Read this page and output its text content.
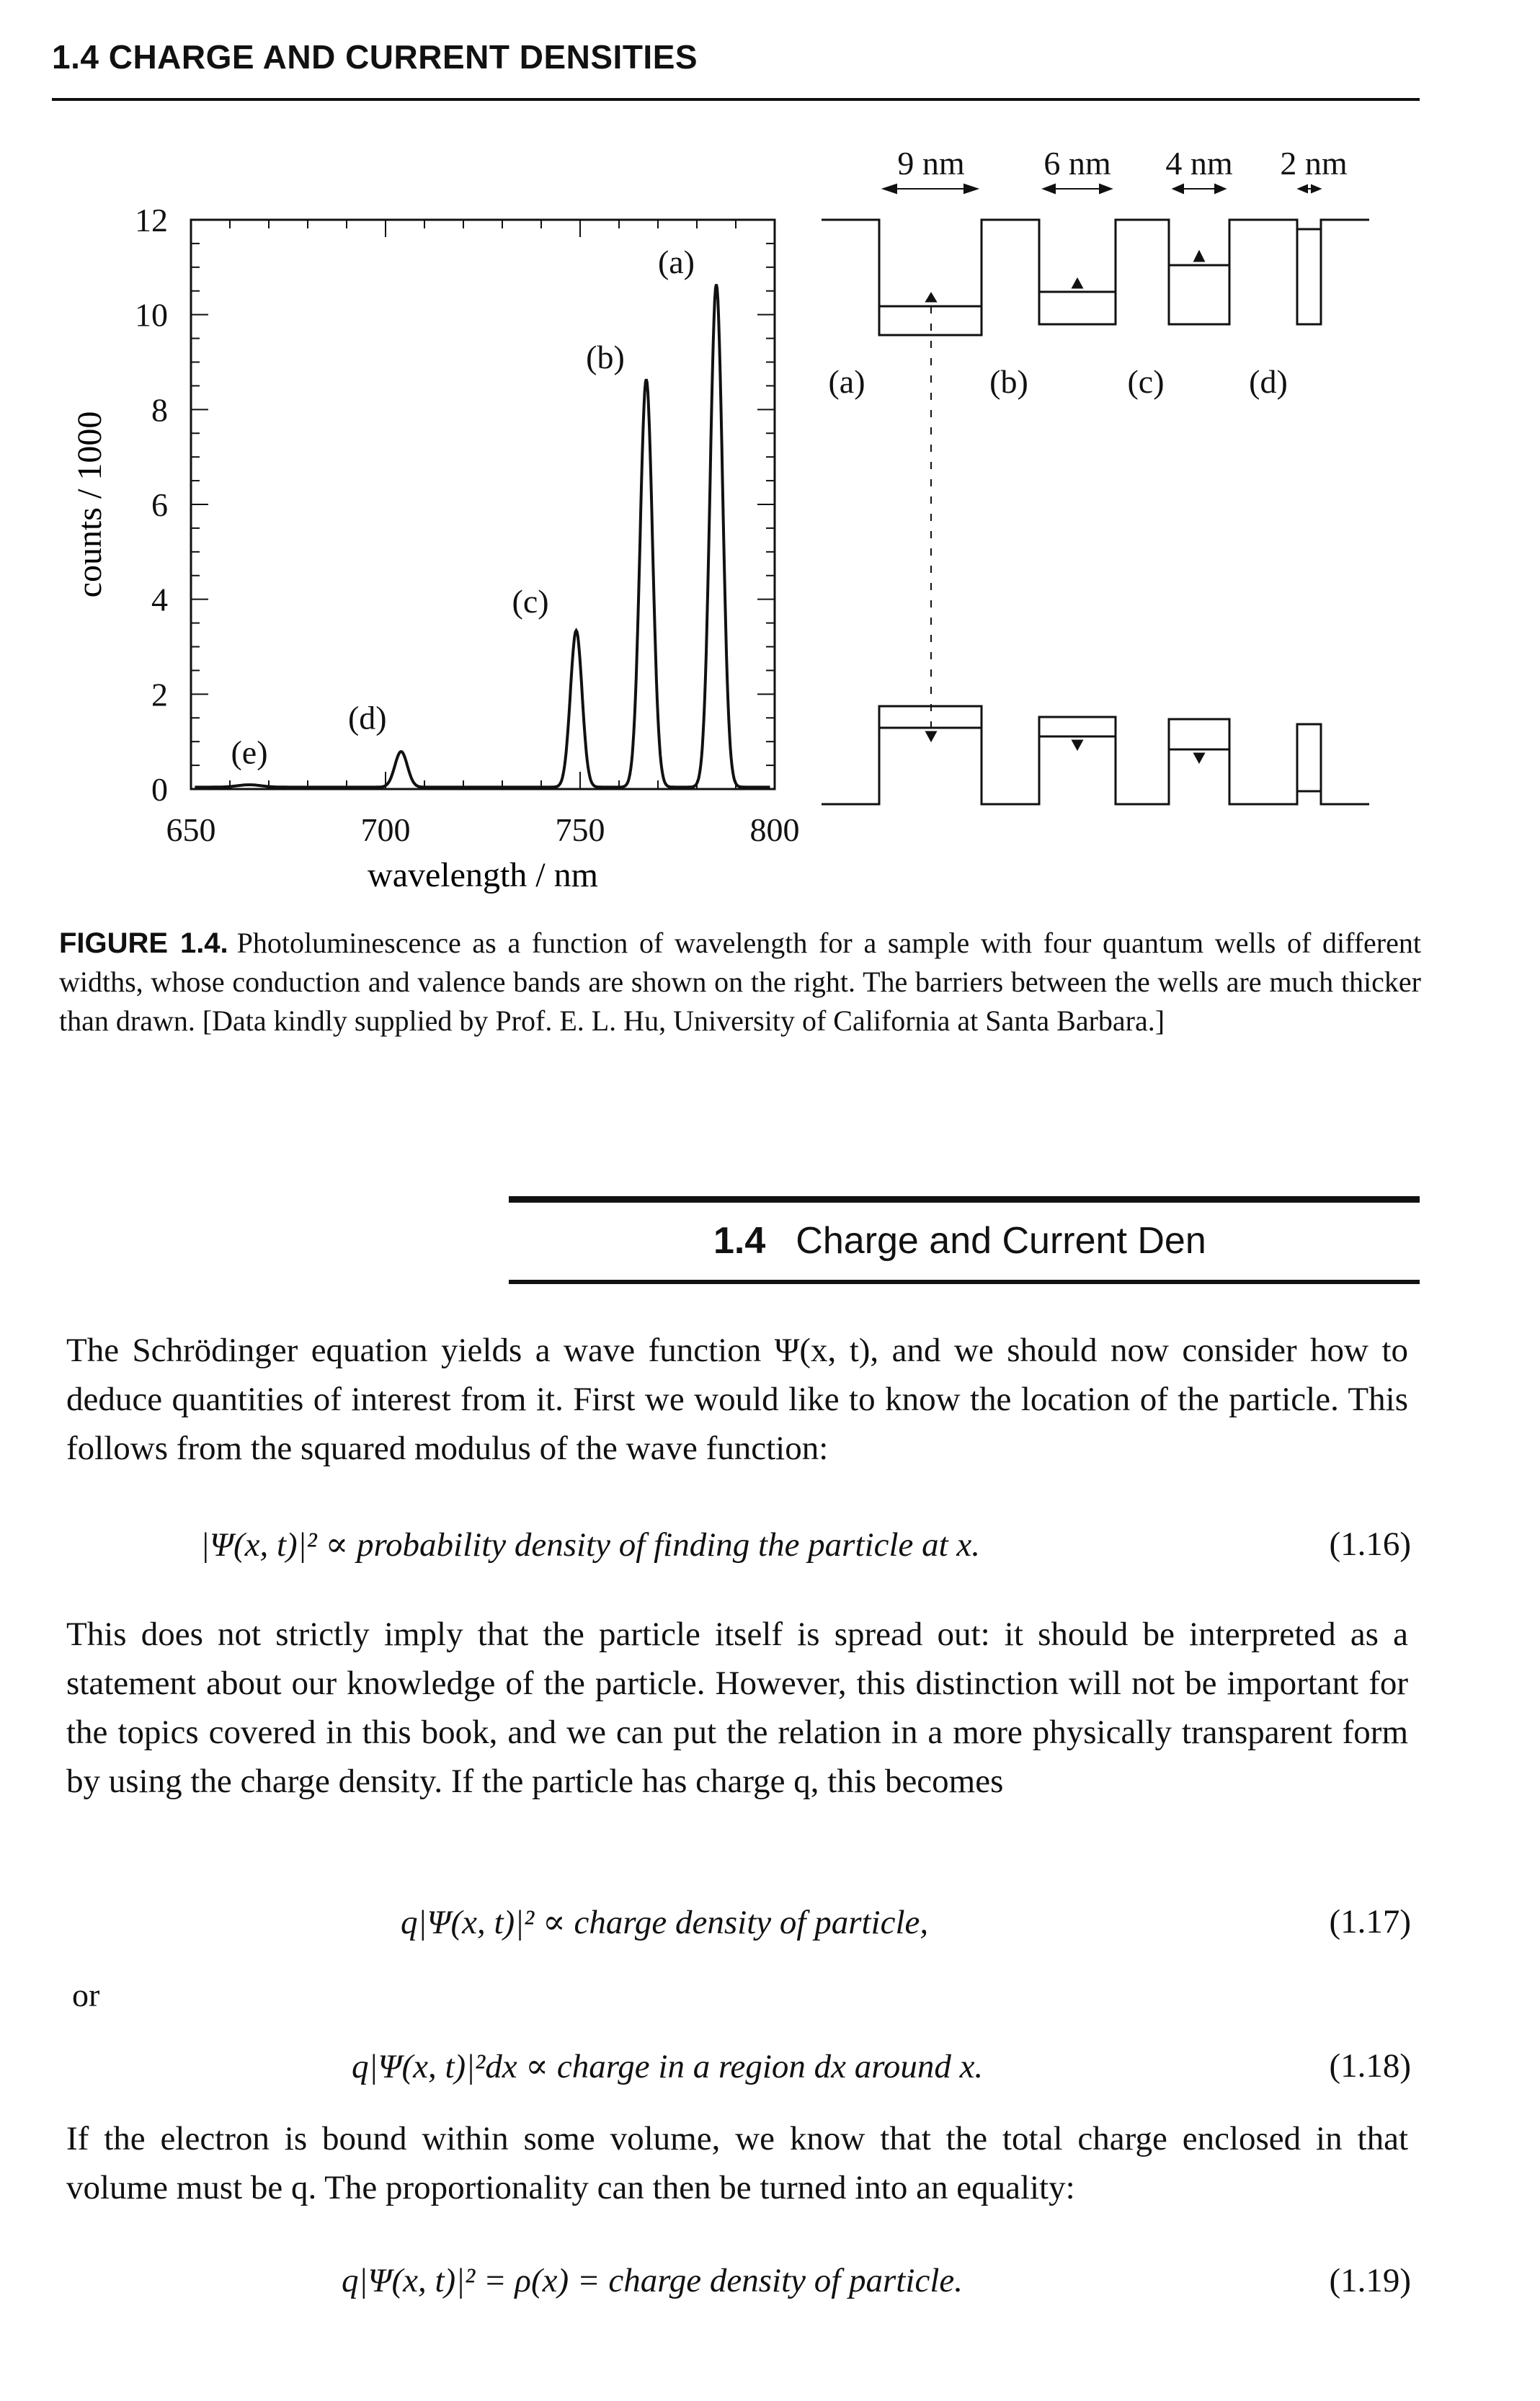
1.4 CHARGE AND CURRENT DENSITIES
0
2
4
6
8
10
12
650	700	750	800
(a)
(b)
(c)
(d)
(e)
wavelength / nm
counts / 1000
9 nm 6 nm 4 nm 2 nm
(a)	(b)	(c)	(d)
FIGURE 1.4. Photoluminescence as a function of wavelength for a sample with four quantum wells of different widths, whose conduction and valence bands are shown on the right. The barriers between the wells are much thicker than drawn. [Data kindly supplied by Prof. E. L. Hu, University of California at Santa Barbara.]
1.4 Charge and Current Den
The Schrödinger equation yields a wave function Ψ(x, t), and we should now consider how to deduce quantities of interest from it. First we would like to know the location of the particle. This follows from the squared modulus of the wave function:
|Ψ(x, t)|² ∝ probability density of finding the particle at x.	(1.16)
This does not strictly imply that the particle itself is spread out: it should be interpreted as a statement about our knowledge of the particle. However, this distinction will not be important for the topics covered in this book, and we can put the relation in a more physically transparent form by using the charge density. If the particle has charge q, this becomes
q|Ψ(x, t)|² ∝ charge density of particle,	(1.17)
or
q|Ψ(x, t)|²dx ∝ charge in a region dx around x.	(1.18)
If the electron is bound within some volume, we know that the total charge enclosed in that volume must be q. The proportionality can then be turned into an equality:
q|Ψ(x, t)|² = ρ(x) = charge density of particle.	(1.19)
